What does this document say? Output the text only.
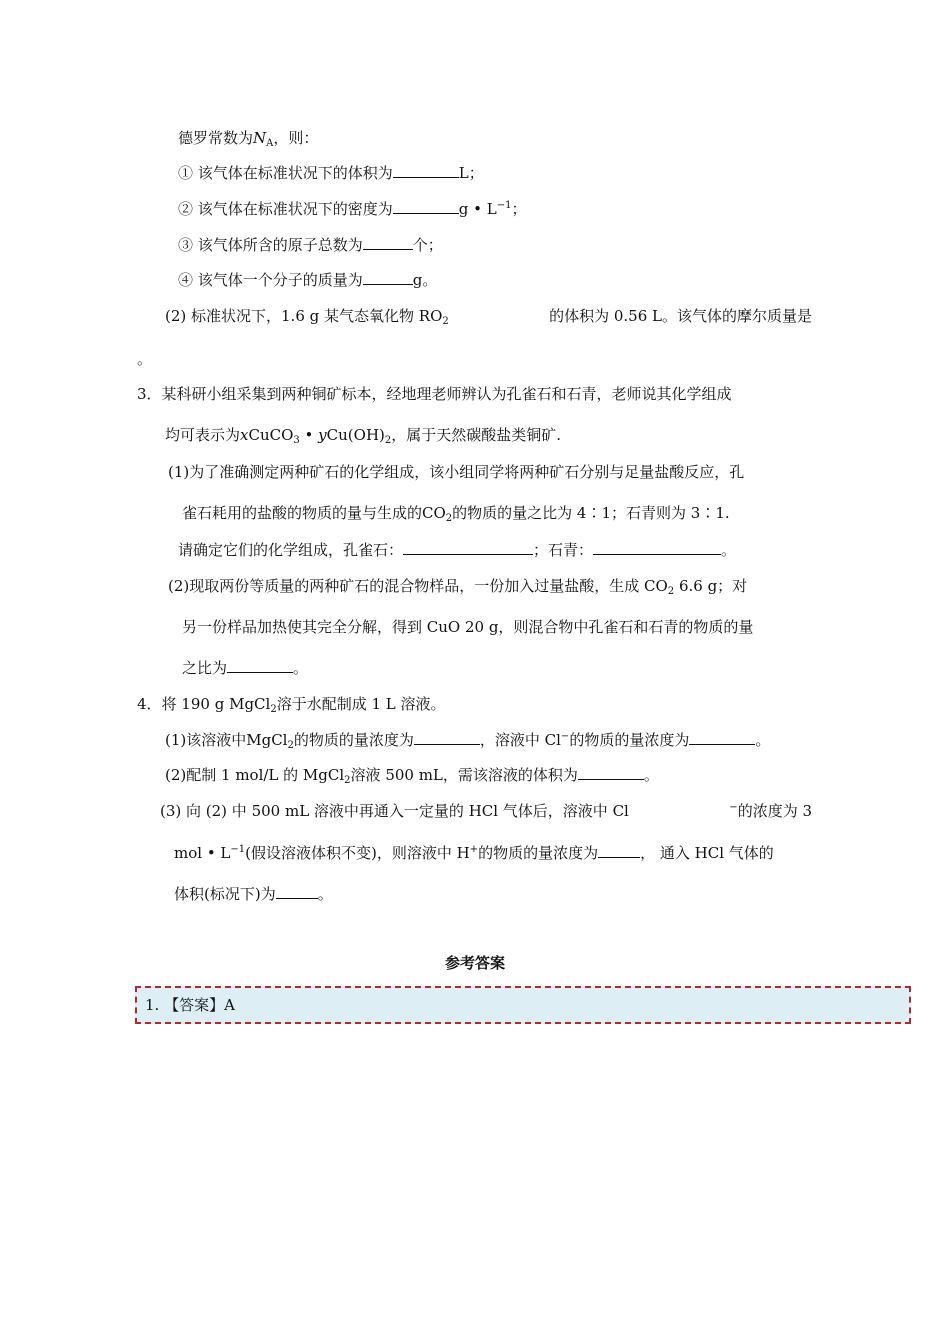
德罗常数为$N_A$，则：
① 该气体在标准状况下的体积为	L；
② 该气体在标准状况下的密度为	g • $L^{-1}$；
③ 该气体所含的原子总数为	个；
④ 该气体一个分子的质量为	g。
(2) 标准状况下，1.6 g 某气态氧化物 $RO_2$	的体积为 0.56 L。该气体的摩尔质量是
。
3．某科研小组采集到两种铜矿标本，经地理老师辨认为孔雀石和石青，老师说其化学组成
均可表示为xCuCO$_3$ • $yCu(OH)_2$，属于天然碳酸盐类铜矿.
(1)为了准确测定两种矿石的化学组成，该小组同学将两种矿石分别与足量盐酸反应，孔
雀石耗用的盐酸的物质的量与生成的$CO_2$的物质的量之比为 4∶1；石青则为 3∶1.
请确定它们的化学组成，孔雀石：	；石青：	。
(2)现取两份等质量的两种矿石的混合物样品，一份加入过量盐酸，生成 $CO_2$ 6.6 g；对
另一份样品加热使其完全分解，得到 CuO 20 g，则混合物中孔雀石和石青的物质的量
之比为	。
4．将 190 g MgCl$_2$溶于水配制成 1 L 溶液。
(1)该溶液中MgCl$_2$的物质的量浓度为	，溶液中 Cl−的物质的量浓度为	。
(2)配制 1 mol/L 的 MgCl$_2$溶液 500 mL，需该溶液的体积为	。
(3) 向 (2) 中 500 mL 溶液中再通入一定量的 HCl 气体后，溶液中 Cl	−的浓度为 3
mol • $L^{-1}$(假设溶液体积不变)，则溶液中 H+的物质的量浓度为	， 通入 HCl 气体的
体积(标况下)为	。
参考答案
1. 【答案】A
